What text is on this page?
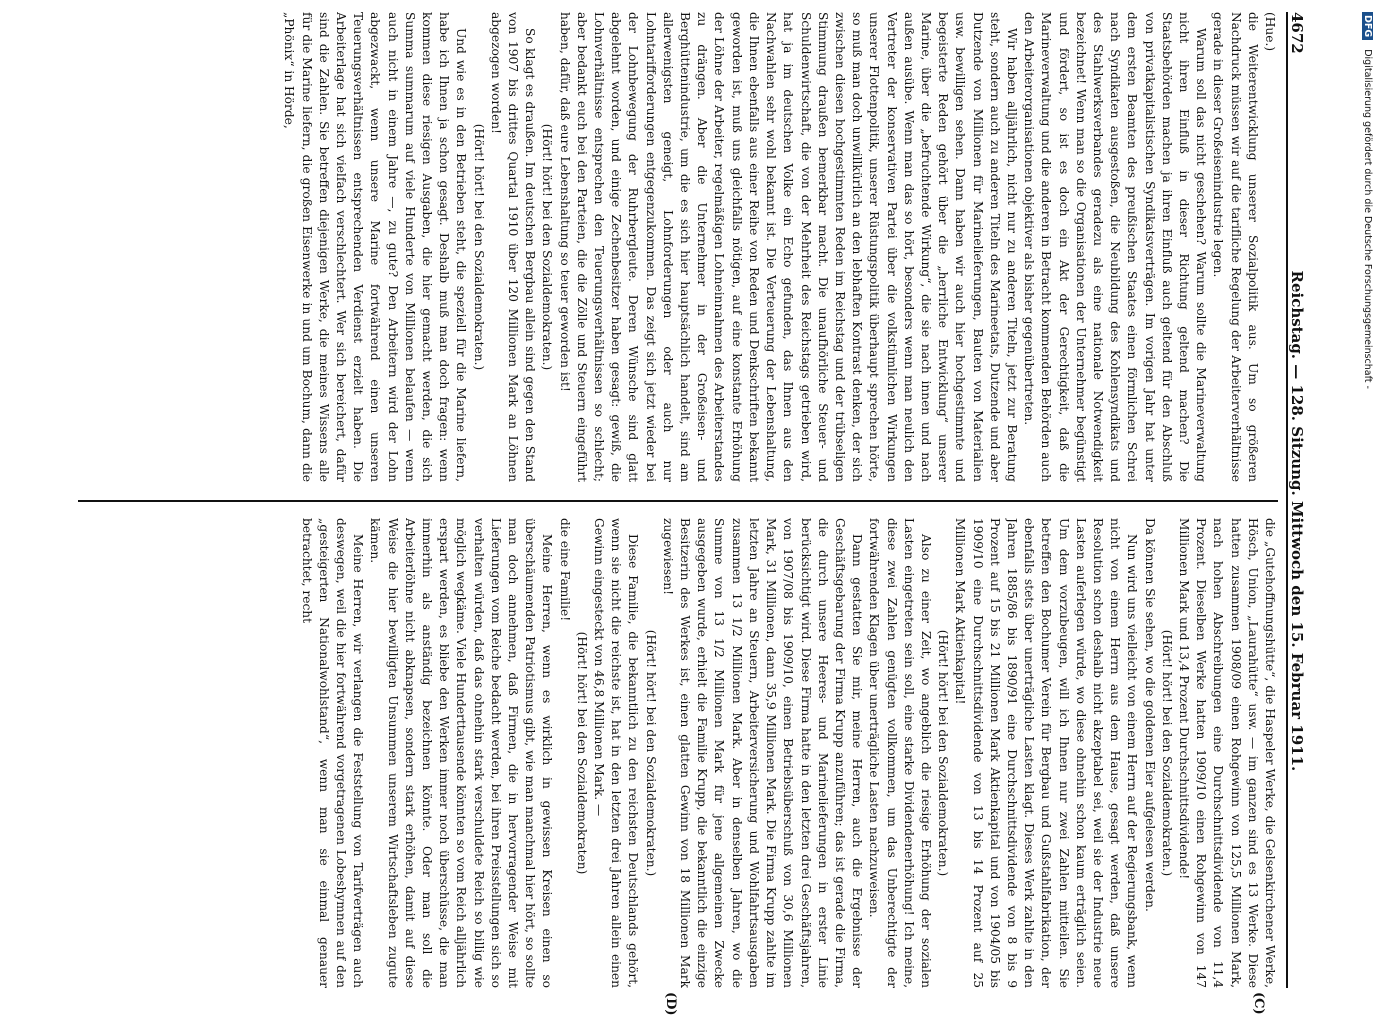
4672
Reichstag. — 128. Sitzung. Mittwoch den 15. Februar 1911.
(C)
(D)

(Hue.)

die Weiterentwicklung unserer Sozialpolitik aus. Um so größeren Nachdruck müssen wir auf die tarifliche Regelung der Arbeiterverhältnisse gerade in dieser Großeisenindustrie legen.

Warum soll das nicht geschehen? Warum sollte die Marineverwaltung nicht ihren Einfluß in dieser Richtung geltend machen? Die Staatsbehörden machen ja ihren Einfluß auch geltend für den Abschluß von privatkapitalistischen Syndikatsverträgen. Im vorigen Jahr hat unter dem ersten Beamten des preußischen Staates einen förmlichen Schrei nach Syndikaten ausgestoßen, die Neubildung des Kohlensyndikats und des Stahlwerksverbandes geradezu als eine nationale Notwendigkeit bezeichnet! Wenn man so die Organisationen der Unternehmer begünstigt und fördert, so ist es doch ein Akt der Gerechtigkeit, daß die Marineverwaltung und die anderen in Betracht kommenden Behörden auch den Arbeiterorganisationen objektiver als bisher gegenübertreten.

Wir haben alljährlich, nicht nur zu anderen Titeln, jetzt zur Beratung steht, sondern auch zu anderen Titeln des Marineetats, Dutzende und aber Dutzende von Millionen für Marinelieferungen, Bauten von Materialien usw. bewilligen sehen. Dann haben wir auch hier hochgestimmte und begeisterte Reden gehört über die „herrliche Entwicklung“ unserer Marine, über die „befruchtende Wirkung“, die sie nach innen und nach außen ausübe. Wenn man das so hört, besonders wenn man neulich den Vertreter der konservativen Partei über die volkstümlichen Wirkungen unserer Flottenpolitik, unserer Rüstungspolitik überhaupt sprechen hörte, so muß man doch unwillkürlich an den lebhaften Kontrast denken, der sich zwischen diesen hochgestimmten Reden im Reichstag und der trübseligen Stimmung draußen bemerkbar macht. Die unaufhörliche Steuer- und Schuldenwirtschaft, die von der Mehrheit des Reichstags getrieben wird, hat ja im deutschen Volke ein Echo gefunden, das Ihnen aus den Nachwahlen sehr wohl bekannt ist. Die Verteuerung der Lebenshaltung, die Ihnen ebenfalls aus einer Reihe von Reden und Denkschriften bekannt geworden ist, muß uns gleichfalls nötigen, auf eine konstante Erhöhung der Löhne der Arbeiter, regelmäßigen Lohneinnahmen des Arbeiterstandes zu drängen. Aber die Unternehmer in der Großeisen- und Berghüttenindustrie, um die es sich hier hauptsächlich handelt, sind am allerwenigsten geneigt, Lohnforderungen oder auch nur Lohntarifforderungen entgegenzukommen. Das zeigt sich jetzt wieder bei der Lohnbewegung der Ruhrbergleute. Deren Wünsche sind glatt abgelehnt worden, und einige Zechenbesitzer haben gesagt: gewiß, die Lohnverhältnisse entsprechen den Teuerungsverhältnissen so schlecht; aber bedankt euch bei den Parteien, die die Zölle und Steuern eingeführt haben, dafür, daß eure Lebenshaltung so teuer geworden ist!

(Hört! hört! bei den Sozialdemokraten.)

So klagt es draußen. Im deutschen Bergbau allein sind gegen den Stand von 1907 bis drittes Quartal 1910 über 120 Millionen Mark an Löhnen abgezogen worden!

(Hört! hört! bei den Sozialdemokraten.)

Und wie es in den Betrieben steht, die speziell für die Marine liefern, habe ich Ihnen ja schon gesagt. Deshalb muß man doch fragen: wenn kommen diese riesigen Ausgaben, die hier gemacht werden, die sich Summa summarum auf viele Hunderte von Millionen belaufen — wenn auch nicht in einem Jahre —, zu gute? Den Arbeitern wird der Lohn abgezwackt, wenn unsere Marine fortwährend einen unseren Teuerungsverhältnissen entsprechenden Verdienst erzielt haben. Die Arbeiterlage hat sich vielfach verschlechtert. Wer sich bereichert, dafür sind die Zahlen. Sie betreffen diejenigen Werke, die meines Wissens alle für die Marine liefern, die großen Eisenwerke in und um Bochum, dann die „Phönix“ in Hörde,

die „Gutehoffnungshütte“, die Haspeler Werke, die Gelsenkirchener Werke, Hösch, Union, „Laurahütte“ usw. — im ganzen sind es 13 Werke. Diese hatten zusammen 1908/09 einen Rohgewinn von 125,5 Millionen Mark, nach hohen Abschreibungen eine Durchschnittsdividende von 11,4 Prozent. Dieselben Werke hatten 1909/10 einen Rohgewinn von 147 Millionen Mark und 13,4 Prozent Durchschnittsdividende!

(Hört! hört! bei den Sozialdemokraten.)

Da können Sie sehen, wo die goldenen Eier aufgelesen werden.

Nun wird uns vielleicht von einem Herrn auf der Regierungsbank, wenn nicht von einem Herrn aus dem Hause, gesagt werden, daß unsere Resolution schon deshalb nicht akzeptabel sei, weil sie der Industrie neue Lasten auferlegen würde, wo diese ohnehin schon kaum erträglich seien. Um dem vorzubeugen, will ich Ihnen nur zwei Zahlen mitteilen. Sie betreffen den Bochumer Verein für Bergbau und Gußstahlfabrikation, der ebenfalls stets über unerträgliche Lasten klagt. Dieses Werk zahlte in den Jahren 1885/86 bis 1890/91 eine Durchschnittsdividende von 8 bis 9 Prozent auf 15 bis 21 Millionen Mark Aktienkapital und von 1904/05 bis 1909/10 eine Durchschnittsdividende von 13 bis 14 Prozent auf 25 Millionen Mark Aktienkapital!

(Hört! hört! bei den Sozialdemokraten.)

Also zu einer Zeit, wo angeblich die riesige Erhöhung der sozialen Lasten eingetreten sein soll, eine starke Dividendenerhöhung! Ich meine, diese zwei Zahlen genügten vollkommen, um das Unberechtigte der fortwährenden Klagen über unerträgliche Lasten nachzuweisen.

Dann gestatten Sie mir, meine Herren, auch die Ergebnisse der Geschäftsgebarung der Firma Krupp anzuführen; das ist gerade die Firma, die durch unsere Heeres- und Marinelieferungen in erster Linie berücksichtigt wird. Diese Firma hatte in den letzten drei Geschäftsjahren, von 1907/08 bis 1909/10, einen Betriebsüberschuß von 30,6 Millionen Mark, 31 Millionen, dann 35,9 Millionen Mark. Die Firma Krupp zahlte im letzten Jahre an Steuern, Arbeiterversicherung und Wohlfahrtsausgaben zusammen 13 1/2 Millionen Mark. Aber in denselben Jahren, wo die Summe von 13 1/2 Millionen Mark für jene allgemeinen Zwecke ausgegeben wurde, erhielt die Familie Krupp, die bekanntlich die einzige Besitzerin des Werkes ist, einen glatten Gewinn von 18 Millionen Mark zugewiesen!

(Hört! hört! bei den Sozialdemokraten.)

Diese Familie, die bekanntlich zu den reichsten Deutschlands gehört, wenn sie nicht die reichste ist, hat in den letzten drei Jahren allein einen Gewinn eingesteckt von 46,8 Millionen Mark. —

(Hört! hört! bei den Sozialdemokraten)

die eine Familie!

Meine Herren, wenn es wirklich in gewissen Kreisen einen so überschäumenden Patriotismus gibt, wie man manchmal hier hört, so sollte man doch annehmen, daß Firmen, die in hervorragender Weise mit Lieferungen vom Reiche bedacht werden, bei ihren Preisstellungen sich so verhalten würden, daß das ohnehin stark verschuldete Reich so billig wie möglich wegkäme. Viele Hunderttausende könnten so vom Reich alljährlich erspart werden, es bliebe den Werken immer noch überschüsse, die man immerhin als anständig bezeichnen könnte. Oder man soll die Arbeiterlöhne nicht abknapsen, sondern stark erhöhen, damit auf diese Weise die hier bewilligten Unsummen unserem Wirtschaftsleben zugute kämen.

Meine Herren, wir verlangen die Feststellung von Tarifverträgen auch deswegen, weil die hier fortwährend vorgetragenen Lobeshymnen auf den „gesteigerten Nationalwohlstand“, wenn man sie einmal genauer betrachtet, recht

DFG Digitalisierung gefördert durch die Deutsche Forschungsgemeinschaft -
